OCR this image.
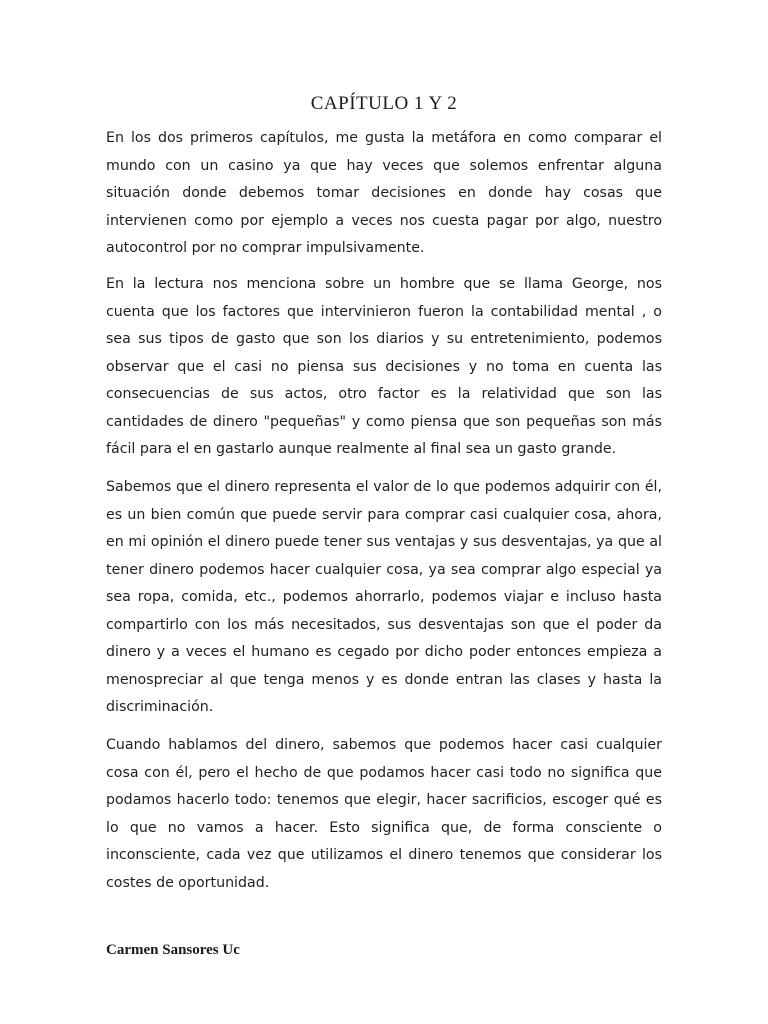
CAPÍTULO 1 Y 2

En los dos primeros capítulos, me gusta la metáfora en como comparar el mundo con un casino ya que hay veces que solemos enfrentar alguna situación donde debemos tomar decisiones en donde hay cosas que intervienen como por ejemplo a veces nos cuesta pagar por algo, nuestro autocontrol por no comprar impulsivamente.

En la lectura nos menciona sobre un hombre que se llama George, nos cuenta que los factores que intervinieron fueron la contabilidad mental , o sea sus tipos de gasto que son los diarios y su entretenimiento, podemos observar que el casi no piensa sus decisiones y no toma en cuenta las consecuencias de sus actos, otro factor es la relatividad que son las cantidades de dinero "pequeñas" y como piensa que son pequeñas son más fácil para el en gastarlo aunque realmente al final sea un gasto grande.

Sabemos que el dinero representa el valor de lo que podemos adquirir con él, es un bien común que puede servir para comprar casi cualquier cosa, ahora, en mi opinión el dinero puede tener sus ventajas y sus desventajas, ya que al tener dinero podemos hacer cualquier cosa, ya sea comprar algo especial ya sea ropa, comida, etc., podemos ahorrarlo, podemos viajar e incluso hasta compartirlo con los más necesitados, sus desventajas son que el poder da dinero y a veces el humano es cegado por dicho poder entonces empieza a menospreciar al que tenga menos y es donde entran las clases y hasta la discriminación.

Cuando hablamos del dinero, sabemos que podemos hacer casi cualquier cosa con él, pero el hecho de que podamos hacer casi todo no significa que podamos hacerlo todo: tenemos que elegir, hacer sacrificios, escoger qué es lo que no vamos a hacer. Esto significa que, de forma consciente o inconsciente, cada vez que utilizamos el dinero tenemos que considerar los costes de oportunidad.

Carmen Sansores Uc
